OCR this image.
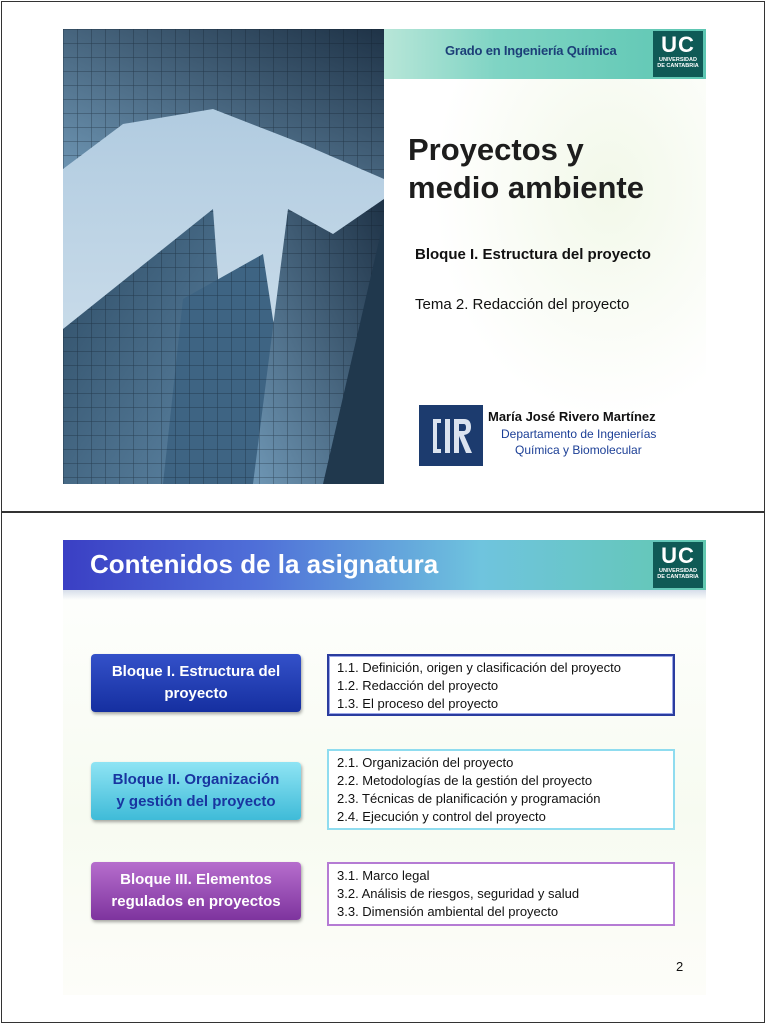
Grado en Ingeniería Química	UC
UNIVERSIDAD
DE CANTABRIA
Proyectos y
medio ambiente
Bloque I. Estructura del proyecto
Tema 2. Redacción del proyecto
María José Rivero Martínez
Departamento de Ingenierías
Química y Biomolecular
Contenidos de la asignatura	UC
UNIVERSIDAD
DE CANTABRIA
Bloque I. Estructura del
proyecto
1.1. Definición, origen y clasificación del proyecto
1.2. Redacción del proyecto
1.3. El proceso del proyecto
Bloque II. Organización
y gestión del proyecto
2.1. Organización del proyecto
2.2. Metodologías de la gestión del proyecto
2.3. Técnicas de planificación y programación
2.4. Ejecución y control del proyecto
Bloque III. Elementos
regulados en proyectos
3.1. Marco legal
3.2. Análisis de riesgos, seguridad y salud
3.3. Dimensión ambiental del proyecto
2
